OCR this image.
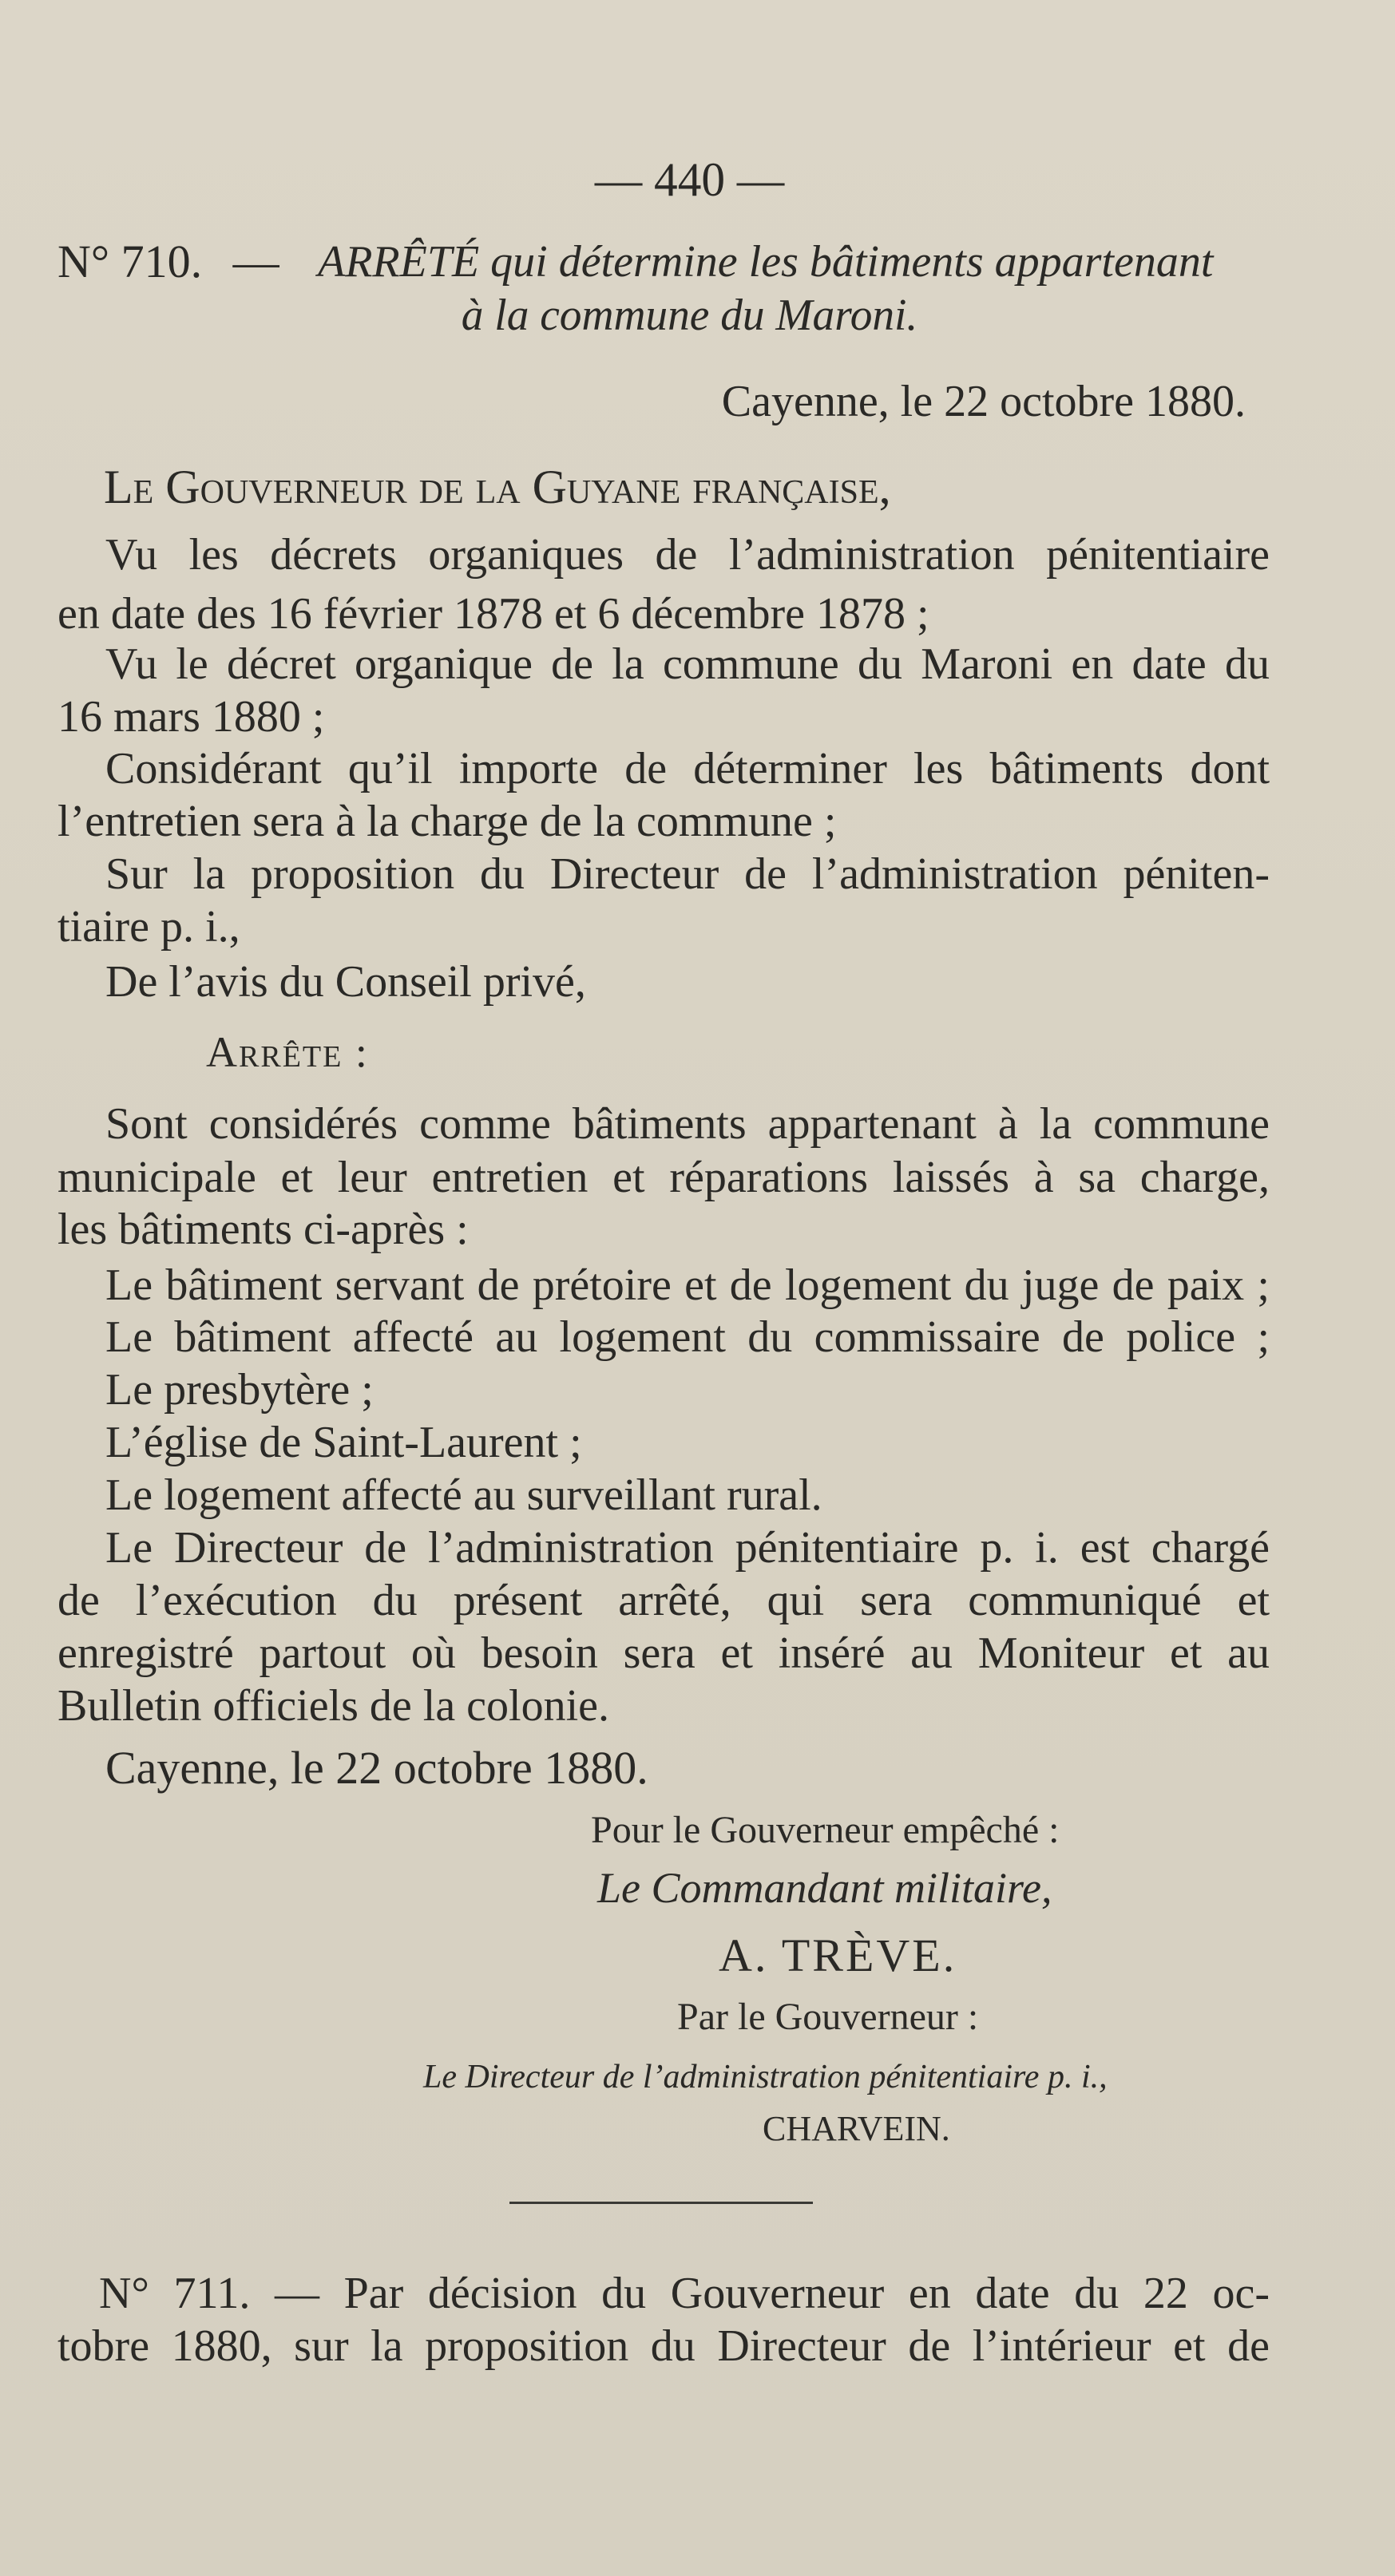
— 440 —
N° 710. — ARRÊTÉ qui détermine les bâtiments appartenant
à la commune du Maroni.
Cayenne, le 22 octobre 1880.
Le Gouverneur de la Guyane française,
Vu les décrets organiques de l’administration pénitentiaire
en date des 16 février 1878 et 6 décembre 1878 ;
Vu le décret organique de la commune du Maroni en date du
16 mars 1880 ;
Considérant qu’il importe de déterminer les bâtiments dont
l’entretien sera à la charge de la commune ;
Sur la proposition du Directeur de l’administration péniten-
tiaire p. i.,
De l’avis du Conseil privé,
Arrête :
Sont considérés comme bâtiments appartenant à la commune
municipale et leur entretien et réparations laissés à sa charge,
les bâtiments ci-après :
Le bâtiment servant de prétoire et de logement du juge de paix ;
Le bâtiment affecté au logement du commissaire de police ;
Le presbytère ;
L’église de Saint-Laurent ;
Le logement affecté au surveillant rural.
Le Directeur de l’administration pénitentiaire p. i. est chargé
de l’exécution du présent arrêté, qui sera communiqué et
enregistré partout où besoin sera et inséré au Moniteur et au
Bulletin officiels de la colonie.
Cayenne, le 22 octobre 1880.
Pour le Gouverneur empêché :
Le Commandant militaire,
A. TRÈVE.
Par le Gouverneur :
Le Directeur de l’administration pénitentiaire p. i.,
CHARVEIN.
N° 711. — Par décision du Gouverneur en date du 22 oc-
tobre 1880, sur la proposition du Directeur de l’intérieur et de
